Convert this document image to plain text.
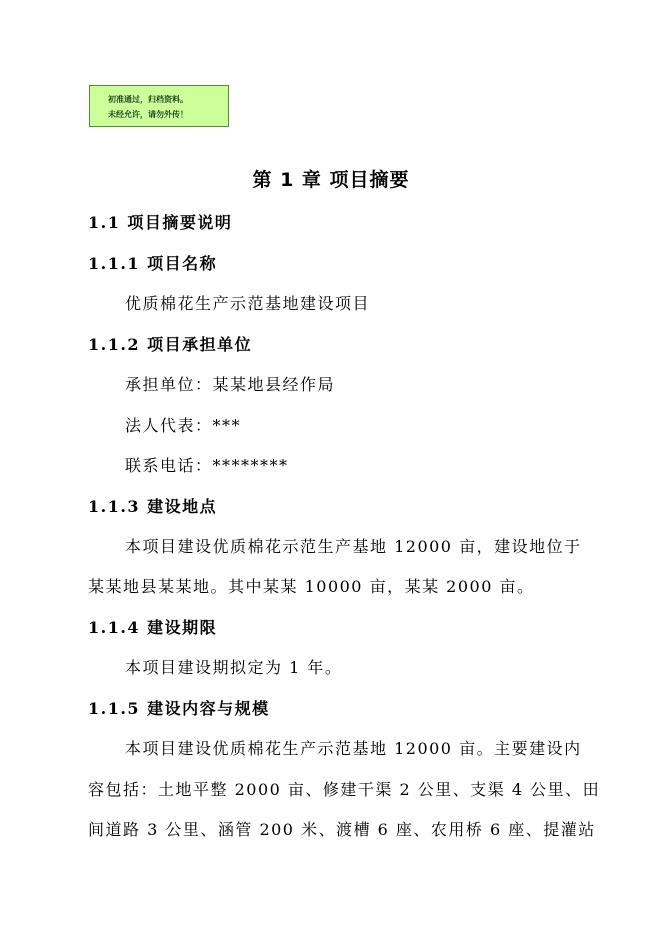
初准通过，归档资料。
未经允许，请勿外传！
第 1 章 项目摘要
1.1 项目摘要说明
1.1.1 项目名称
优质棉花生产示范基地建设项目
1.1.2 项目承担单位
承担单位：某某地县经作局
法人代表：***
联系电话：********
1.1.3 建设地点
本项目建设优质棉花示范生产基地 12000 亩，建设地位于
某某地县某某地。其中某某 10000 亩，某某 2000 亩。
1.1.4 建设期限
本项目建设期拟定为 1 年。
1.1.5 建设内容与规模
本项目建设优质棉花生产示范基地 12000 亩。主要建设内
容包括：土地平整 2000 亩、修建干渠 2 公里、支渠 4 公里、田
间道路 3 公里、涵管 200 米、渡槽 6 座、农用桥 6 座、提灌站
